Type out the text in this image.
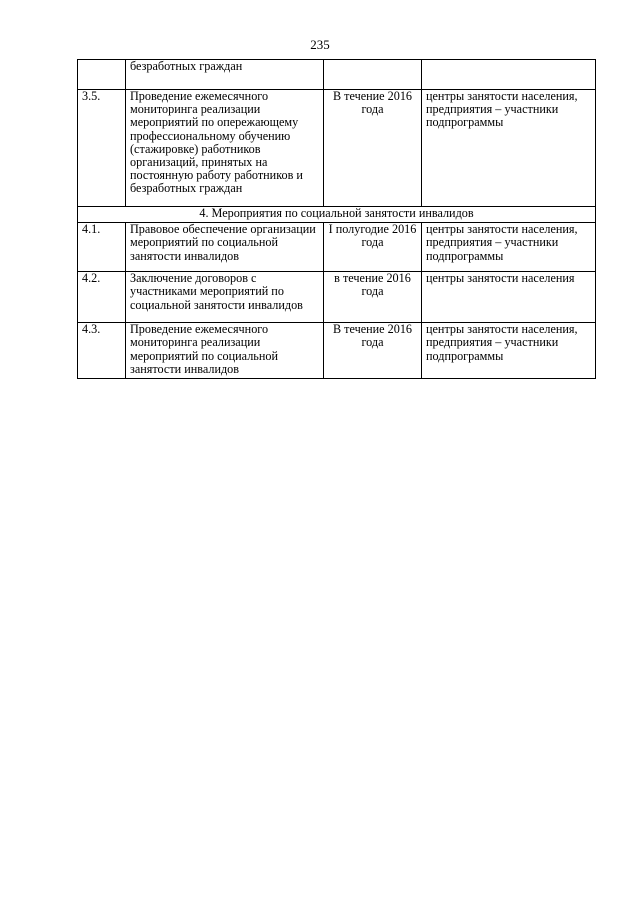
235
	безработных граждан		
3.5.	Проведение ежемесячного мониторинга реализации мероприятий по опережающему профессиональному обучению (стажировке) работников организаций, принятых на постоянную работу работников и безработных граждан	В течение 2016 года	центры занятости населения, предприятия – участники подпрограммы
4. Мероприятия по социальной занятости инвалидов			
4.1.	Правовое обеспечение организации мероприятий по социальной занятости инвалидов	I полугодие 2016 года	центры занятости населения, предприятия – участники подпрограммы
4.2.	Заключение договоров с участниками мероприятий по социальной занятости инвалидов	в течение 2016 года	центры занятости населения
4.3.	Проведение ежемесячного мониторинга реализации мероприятий по социальной занятости инвалидов	В течение 2016 года	центры занятости населения, предприятия – участники подпрограммы
